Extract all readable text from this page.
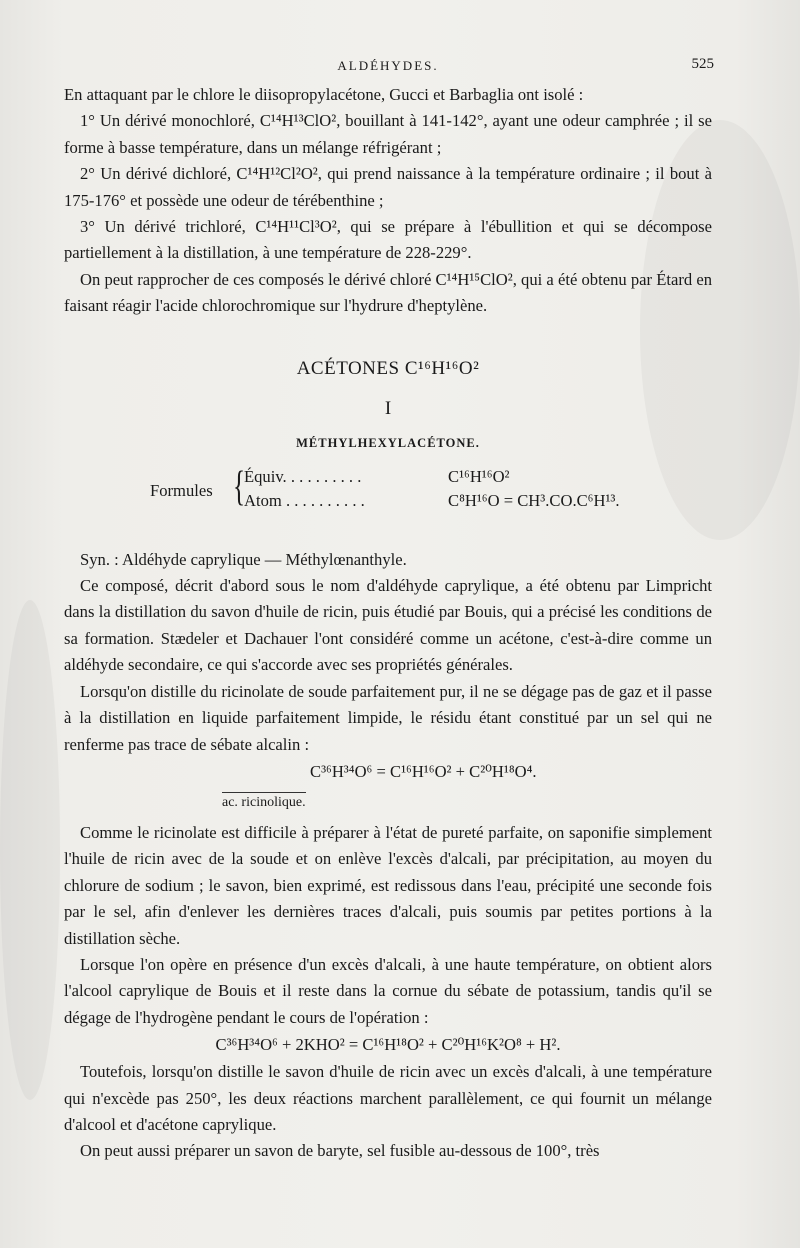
ALDÉHYDES.	525

En attaquant par le chlore le diisopropylacétone, Gucci et Barbaglia ont isolé :

1° Un dérivé monochloré, C¹⁴H¹³ClO², bouillant à 141-142°, ayant une odeur camphrée ; il se forme à basse température, dans un mélange réfrigérant ;

2° Un dérivé dichloré, C¹⁴H¹²Cl²O², qui prend naissance à la température ordinaire ; il bout à 175-176° et possède une odeur de térébenthine ;

3° Un dérivé trichloré, C¹⁴H¹¹Cl³O², qui se prépare à l'ébullition et qui se décompose partiellement à la distillation, à une température de 228-229°.

On peut rapprocher de ces composés le dérivé chloré C¹⁴H¹⁵ClO², qui a été obtenu par Étard en faisant réagir l'acide chlorochromique sur l'hydrure d'heptylène.

ACÉTONES C¹⁶H¹⁶O²
I
MÉTHYLHEXYLACÉTONE.
Formules {
Équiv. . . . . . . . . .	C¹⁶H¹⁶O²
Atom . . . . . . . . . .	C⁸H¹⁶O = CH³.CO.C⁶H¹³.

Syn. : Aldéhyde caprylique — Méthylœnanthyle.

Ce composé, décrit d'abord sous le nom d'aldéhyde caprylique, a été obtenu par Limpricht dans la distillation du savon d'huile de ricin, puis étudié par Bouis, qui a précisé les conditions de sa formation. Stædeler et Dachauer l'ont considéré comme un acétone, c'est-à-dire comme un aldéhyde secondaire, ce qui s'accorde avec ses propriétés générales.

Lorsqu'on distille du ricinolate de soude parfaitement pur, il ne se dégage pas de gaz et il passe à la distillation en liquide parfaitement limpide, le résidu étant constitué par un sel qui ne renferme pas trace de sébate alcalin :

C³⁶H³⁴O⁶ = C¹⁶H¹⁶O² + C²⁰H¹⁸O⁴.
ac. ricinolique.

Comme le ricinolate est difficile à préparer à l'état de pureté parfaite, on saponifie simplement l'huile de ricin avec de la soude et on enlève l'excès d'alcali, par précipitation, au moyen du chlorure de sodium ; le savon, bien exprimé, est redissous dans l'eau, précipité une seconde fois par le sel, afin d'enlever les dernières traces d'alcali, puis soumis par petites portions à la distillation sèche.

Lorsque l'on opère en présence d'un excès d'alcali, à une haute température, on obtient alors l'alcool caprylique de Bouis et il reste dans la cornue du sébate de potassium, tandis qu'il se dégage de l'hydrogène pendant le cours de l'opération :

C³⁶H³⁴O⁶ + 2KHO² = C¹⁶H¹⁸O² + C²⁰H¹⁶K²O⁸ + H².

Toutefois, lorsqu'on distille le savon d'huile de ricin avec un excès d'alcali, à une température qui n'excède pas 250°, les deux réactions marchent parallèlement, ce qui fournit un mélange d'alcool et d'acétone caprylique.

On peut aussi préparer un savon de baryte, sel fusible au-dessous de 100°, très
